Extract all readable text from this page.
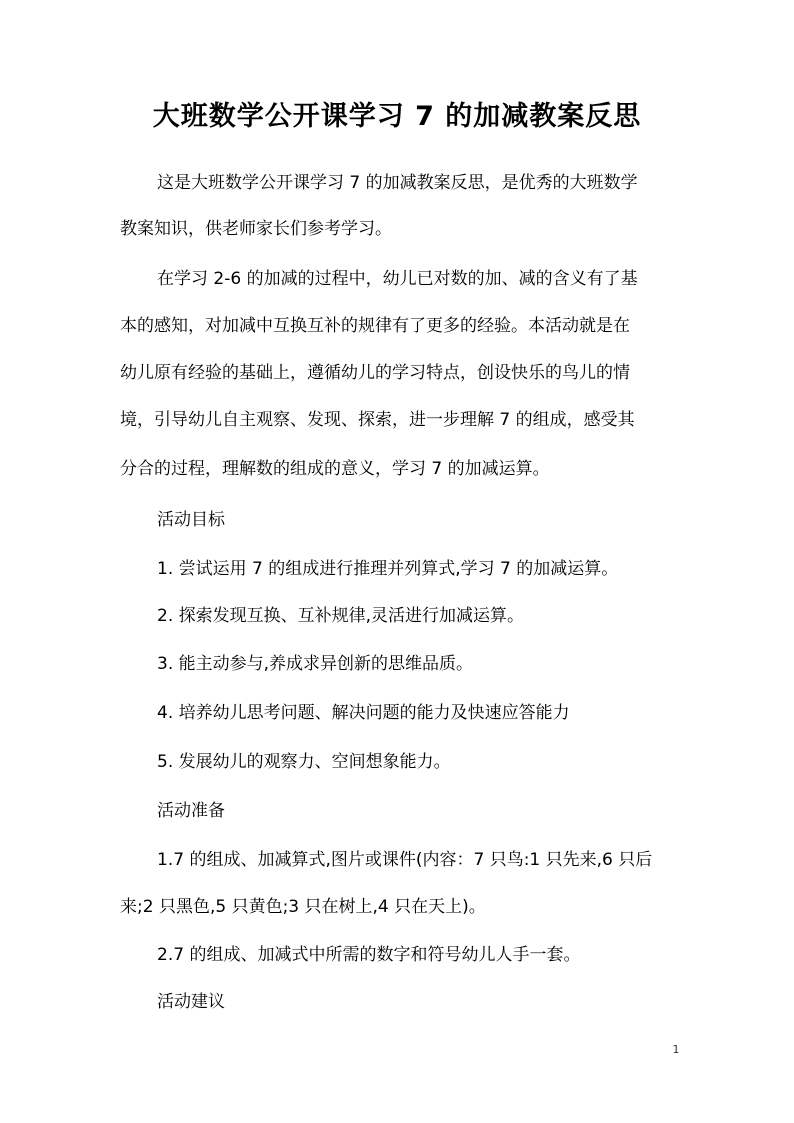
大班数学公开课学习 7 的加减教案反思
这是大班数学公开课学习 7 的加减教案反思，是优秀的大班数学
教案知识，供老师家长们参考学习。
在学习 2-6 的加减的过程中，幼儿已对数的加、减的含义有了基
本的感知，对加减中互换互补的规律有了更多的经验。本活动就是在
幼儿原有经验的基础上，遵循幼儿的学习特点，创设快乐的鸟儿的情
境，引导幼儿自主观察、发现、探索，进一步理解 7 的组成，感受其
分合的过程，理解数的组成的意义，学习 7 的加减运算。
活动目标
1. 尝试运用 7 的组成进行推理并列算式,学习 7 的加减运算。
2. 探索发现互换、互补规律,灵活进行加减运算。
3. 能主动参与,养成求异创新的思维品质。
4. 培养幼儿思考问题、解决问题的能力及快速应答能力
5. 发展幼儿的观察力、空间想象能力。
活动准备
1.7 的组成、加减算式,图片或课件(内容：7 只鸟:1 只先来,6 只后
来;2 只黑色,5 只黄色;3 只在树上,4 只在天上)。
2.7 的组成、加减式中所需的数字和符号幼儿人手一套。
活动建议
1
